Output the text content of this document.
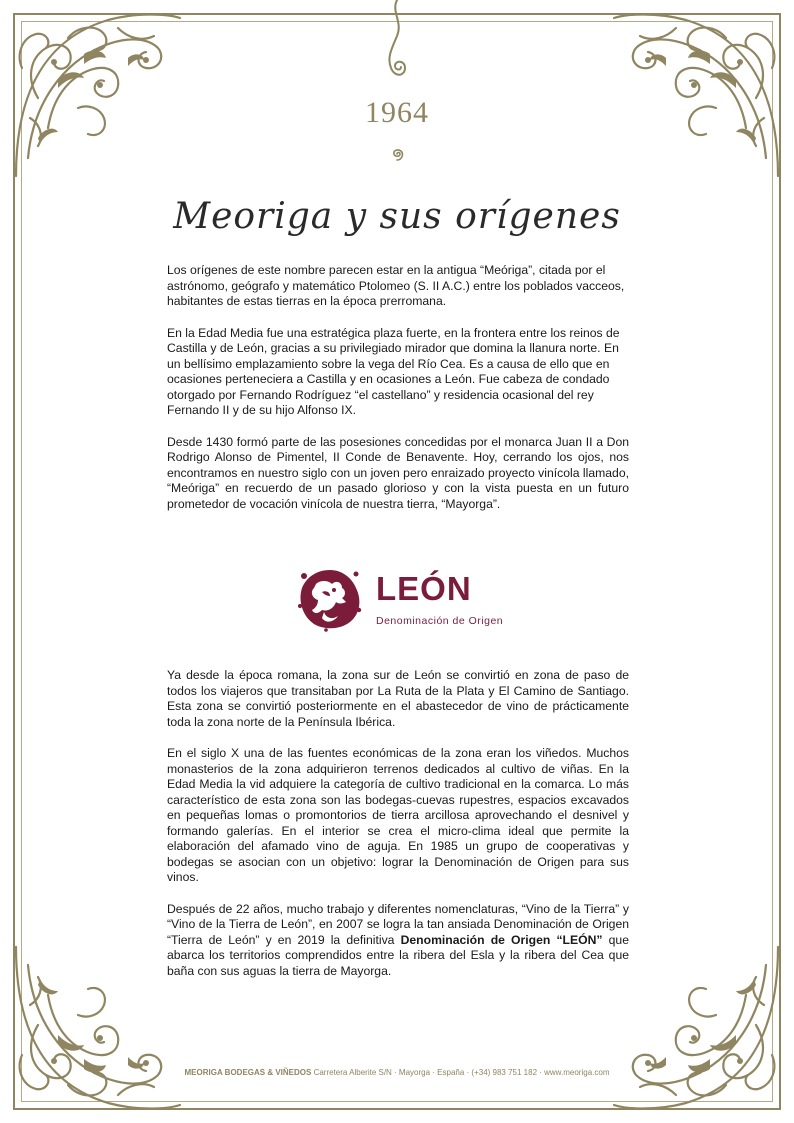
1964
Meoriga y sus orígenes

Los orígenes de este nombre parecen estar en la antigua “Meóriga”, citada por el astrónomo, geógrafo y matemático Ptolomeo (S. II A.C.) entre los poblados vacceos, habitantes de estas tierras en la época prerromana.

En la Edad Media fue una estratégica plaza fuerte, en la frontera entre los reinos de Castilla y de León, gracias a su privilegiado mirador que domina la llanura norte. En un bellísimo emplazamiento sobre la vega del Río Cea. Es a causa de ello que en ocasiones perteneciera a Castilla y en ocasiones a León. Fue cabeza de condado otorgado por Fernando Rodríguez “el castellano” y residencia ocasional del rey Fernando II y de su hijo Alfonso IX.

Desde 1430 formó parte de las posesiones concedidas por el monarca Juan II a Don Rodrigo Alonso de Pimentel, II Conde de Benavente. Hoy, cerrando los ojos, nos encontramos en nuestro siglo con un joven pero enraizado proyecto vinícola llamado, “Meóriga” en recuerdo de un pasado glorioso y con la vista puesta en un futuro prometedor de vocación vinícola de nuestra tierra, “Mayorga”.

LEÓN
Denominación de Origen

Ya desde la época romana, la zona sur de León se convirtió en zona de paso de todos los viajeros que transitaban por La Ruta de la Plata y El Camino de Santiago. Esta zona se convirtió posteriormente en el abastecedor de vino de prácticamente toda la zona norte de la Península Ibérica.

En el siglo X una de las fuentes económicas de la zona eran los viñedos. Muchos monasterios de la zona adquirieron terrenos dedicados al cultivo de viñas. En la Edad Media la vid adquiere la categoría de cultivo tradicional en la comarca. Lo más característico de esta zona son las bodegas-cuevas rupestres, espacios excavados en pequeñas lomas o promontorios de tierra arcillosa aprovechando el desnivel y formando galerías. En el interior se crea el micro-clima ideal que permite la elaboración del afamado vino de aguja. En 1985 un grupo de cooperativas y bodegas se asocian con un objetivo: lograr la Denominación de Origen para sus vinos.

Después de 22 años, mucho trabajo y diferentes nomenclaturas, “Vino de la Tierra” y “Vino de la Tierra de León”, en 2007 se logra la tan ansiada Denominación de Origen “Tierra de León” y en 2019 la definitiva Denominación de Origen “LEÓN” que abarca los territorios comprendidos entre la ribera del Esla y la ribera del Cea que baña con sus aguas la tierra de Mayorga.

MEORIGA BODEGAS & VIÑEDOS Carretera Alberite S/N · Mayorga · España · (+34) 983 751 182 · www.meoriga.com
